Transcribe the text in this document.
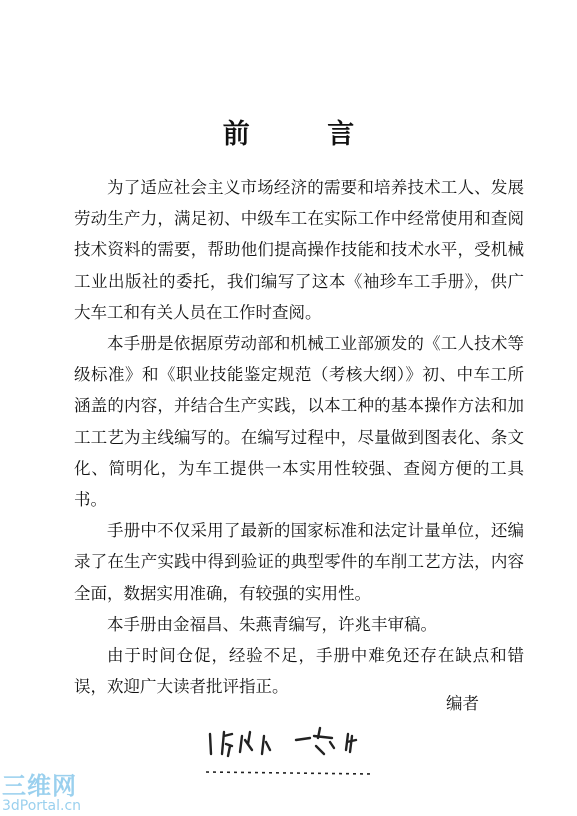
前 言

为了适应社会主义市场经济的需要和培养技术工人、发展劳动生产力，满足初、中级车工在实际工作中经常使用和查阅技术资料的需要，帮助他们提高操作技能和技术水平，受机械工业出版社的委托，我们编写了这本《袖珍车工手册》，供广大车工和有关人员在工作时查阅。

本手册是依据原劳动部和机械工业部颁发的《工人技术等级标准》和《职业技能鉴定规范（考核大纲）》初、中车工所涵盖的内容，并结合生产实践，以本工种的基本操作方法和加工工艺为主线编写的。在编写过程中，尽量做到图表化、条文化、简明化，为车工提供一本实用性较强、查阅方便的工具书。

手册中不仅采用了最新的国家标准和法定计量单位，还编录了在生产实践中得到验证的典型零件的车削工艺方法，内容全面，数据实用准确，有较强的实用性。

本手册由金福昌、朱燕青编写，许兆丰审稿。

由于时间仓促，经验不足，手册中难免还存在缺点和错误，欢迎广大读者批评指正。

编者
三维网
3dPortal.cn
